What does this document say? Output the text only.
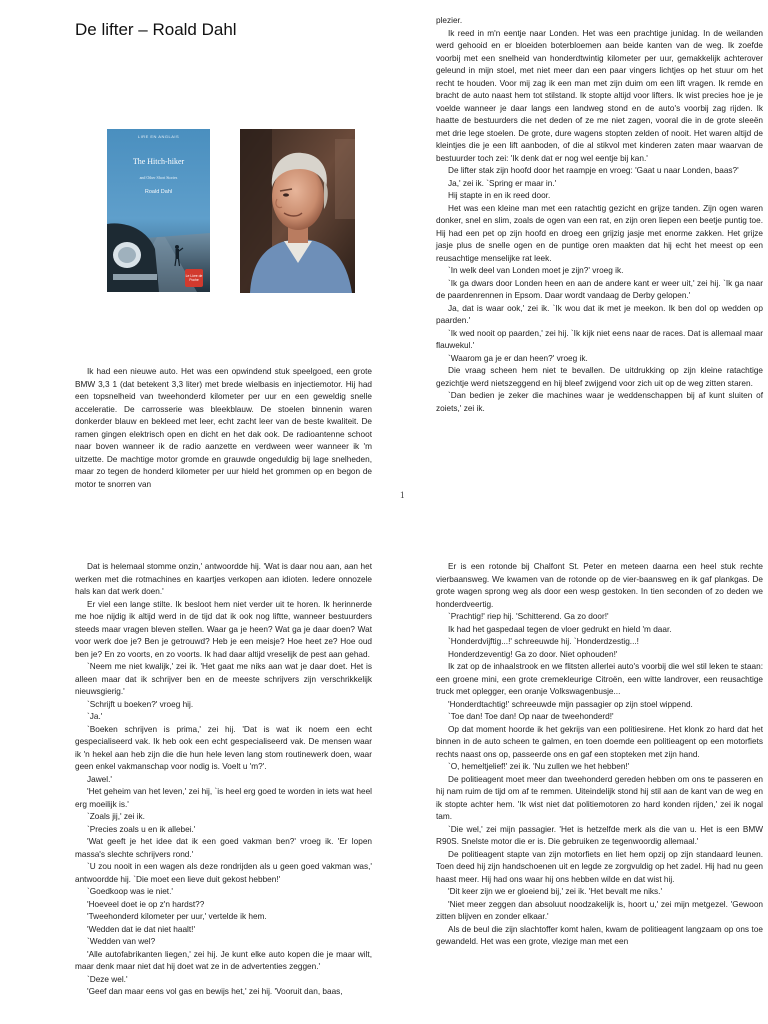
De lifter – Roald Dahl
LIRE EN ANGLAIS
The Hitch-hiker
and Other Short Stories
Roald Dahl
Le Livre de Poche

Ik had een nieuwe auto. Het was een opwindend stuk speelgoed, een grote BMW 3,3 1 (dat betekent 3,3 liter) met brede wielbasis en injectiemotor. Hij had een topsnelheid van tweehonderd kilometer per uur en een geweldig snelle acceleratie. De carrosserie was bleekblauw. De stoelen binnenin waren donkerder blauw en bekleed met leer, echt zacht leer van de beste kwaliteit. De ramen gingen elektrisch open en dicht en het dak ook. De radioantenne schoot naar boven wanneer ik de radio aanzette en verdween weer wanneer ik 'm uitzette. De machtige motor gromde en grauwde ongeduldig bij lage snelheden, maar zo tegen de honderd kilometer per uur hield het grommen op en begon de motor te snorren van

plezier.

Ik reed in m'n eentje naar Londen. Het was een prachtige junidag. In de weilanden werd gehooid en er bloeiden boterbloemen aan beide kanten van de weg. Ik zoefde voorbij met een snelheid van honderdtwintig kilometer per uur, gemakkelijk achterover geleund in mijn stoel, met niet meer dan een paar vingers lichtjes op het stuur om het recht te houden. Voor mij zag ik een man met zijn duim om een lift vragen. Ik remde en bracht de auto naast hem tot stilstand. Ik stopte altijd voor lifters. Ik wist precies hoe je je voelde wanneer je daar langs een landweg stond en de auto's voorbij zag rijden. Ik haatte de bestuurders die net deden of ze me niet zagen, vooral die in de grote sleeën met drie lege stoelen. De grote, dure wagens stopten zelden of nooit. Het waren altijd de kleintjes die je een lift aanboden, of die al stikvol met kinderen zaten maar waarvan de bestuurder toch zei: 'Ik denk dat er nog wel eentje bij kan.'

De lifter stak zijn hoofd door het raampje en vroeg: 'Gaat u naar Londen, baas?'

Ja,' zei ik. `Spring er maar in.'

Hij stapte in en ik reed door.

Het was een kleine man met een ratachtig gezicht en grijze tanden. Zijn ogen waren donker, snel en slim, zoals de ogen van een rat, en zijn oren liepen een beetje puntig toe. Hij had een pet op zijn hoofd en droeg een grijzig jasje met enorme zakken. Het grijze jasje plus de snelle ogen en de puntige oren maakten dat hij echt het meest op een reusachtige menselijke rat leek.

`In welk deel van Londen moet je zijn?' vroeg ik.

`Ik ga dwars door Londen heen en aan de andere kant er weer uit,' zei hij. `Ik ga naar de paardenrennen in Epsom. Daar wordt vandaag de Derby gelopen.'

Ja, dat is waar ook,' zei ik. `Ik wou dat ik met je meekon. Ik ben dol op wedden op paarden.'

`Ik wed nooit op paarden,' zei hij. `Ik kijk niet eens naar de races. Dat is allemaal maar flauwekul.'

`Waarom ga je er dan heen?' vroeg ik.

Die vraag scheen hem niet te bevallen. De uitdrukking op zijn kleine ratachtige gezichtje werd nietszeggend en hij bleef zwijgend voor zich uit op de weg zitten staren.

`Dan bedien je zeker die machines waar je weddenschappen bij af kunt sluiten of zoiets,' zei ik.

1

Dat is helemaal stomme onzin,' antwoordde hij. 'Wat is daar nou aan, aan het werken met die rotmachines en kaartjes verkopen aan idioten. Iedere onnozele hals kan dat werk doen.'

Er viel een lange stilte. Ik besloot hem niet verder uit te horen. Ik herinnerde me hoe nijdig ik altijd werd in de tijd dat ik ook nog liftte, wanneer bestuurders steeds maar vragen bleven stellen. Waar ga je heen? Wat ga je daar doen? Wat voor werk doe je? Ben je getrouwd? Heb je een meisje? Hoe heet ze? Hoe oud ben je? En zo voorts, en zo voorts. Ik had daar altijd vreselijk de pest aan gehad.

`Neem me niet kwalijk,' zei ik. 'Het gaat me niks aan wat je daar doet. Het is alleen maar dat ik schrijver ben en de meeste schrijvers zijn verschrikkelijk nieuwsgierig.'

`Schrijft u boeken?' vroeg hij.

`Ja.'

`Boeken schrijven is prima,' zei hij. 'Dat is wat ik noem een echt gespecialiseerd vak. Ik heb ook een echt gespecialiseerd vak. De mensen waar ik 'n hekel aan heb zijn die die hun hele leven lang stom routinewerk doen, waar geen enkel vakmanschap voor nodig is. Voelt u 'm?'.

Jawel.'

'Het geheim van het leven,' zei hij, `is heel erg goed te worden in iets wat heel erg moeilijk is.'

`Zoals jij,' zei ik.

`Precies zoals u en ik allebei.'

'Wat geeft je het idee dat ik een goed vakman ben?' vroeg ik. 'Er lopen massa's slechte schrijvers rond.'

`U zou nooit in een wagen als deze rondrijden als u geen goed vakman was,' antwoordde hij. `Die moet een lieve duit gekost hebben!'

`Goedkoop was ie niet.'

'Hoeveel doet ie op z'n hardst??

'Tweehonderd kilometer per uur,' vertelde ik hem.

'Wedden dat ie dat niet haalt!'

`Wedden van wel?

'Alle autofabrikanten liegen,' zei hij. Je kunt elke auto kopen die je maar wilt, maar denk maar niet dat hij doet wat ze in de advertenties zeggen.'

`Deze wel.'

'Geef dan maar eens vol gas en bewijs het,' zei hij. 'Vooruit dan, baas,

Er is een rotonde bij Chalfont St. Peter en meteen daarna een heel stuk rechte vierbaansweg. We kwamen van de rotonde op de vier-baansweg en ik gaf plankgas. De grote wagen sprong weg als door een wesp gestoken. In tien seconden of zo deden we honderdveertig.

`Prachtig!' riep hij. 'Schitterend. Ga zo door!'

Ik had het gaspedaal tegen de vloer gedrukt en hield 'm daar.

`Honderdvijftig...!' schreeuwde hij. `Honderdzestig...!

Honderdzeventig! Ga zo door. Niet ophouden!'

Ik zat op de inhaalstrook en we flitsten allerlei auto's voorbij die wel stil leken te staan: een groene mini, een grote cremekleurige Citroën, een witte landrover, een reusachtige truck met oplegger, een oranje Volkswagenbusje...

'Honderdtachtig!' schreeuwde mijn passagier op zijn stoel wippend.

`Toe dan! Toe dan! Op naar de tweehonderd!'

Op dat moment hoorde ik het gekrijs van een politiesirene. Het klonk zo hard dat het binnen in de auto scheen te galmen, en toen doemde een politieagent op een motorfiets rechts naast ons op, passeerde ons en gaf een stopteken met zijn hand.

`O, hemeltjelief!' zei ik. 'Nu zullen we het hebben!'

De politieagent moet meer dan tweehonderd gereden hebben om ons te passeren en hij nam ruim de tijd om af te remmen. Uiteindelijk stond hij stil aan de kant van de weg en ik stopte achter hem. 'Ik wist niet dat politiemotoren zo hard konden rijden,' zei ik nogal tam.

`Die wel,' zei mijn passagier. 'Het is hetzelfde merk als die van u. Het is een BMW R90S. Snelste motor die er is. Die gebruiken ze tegenwoordig allemaal.'

De politieagent stapte van zijn motorfiets en liet hem opzij op zijn standaard leunen. Toen deed hij zijn handschoenen uit en legde ze zorgvuldig op het zadel. Hij had nu geen haast meer. Hij had ons waar hij ons hebben wilde en dat wist hij.

'Dit keer zijn we er gloeiend bij,' zei ik. 'Het bevalt me niks.'

'Niet meer zeggen dan absoluut noodzakelijk is, hoort u,' zei mijn metgezel. 'Gewoon zitten blijven en zonder elkaar.'

Als de beul die zijn slachtoffer komt halen, kwam de politieagent langzaam op ons toe gewandeld. Het was een grote, vlezige man met een
